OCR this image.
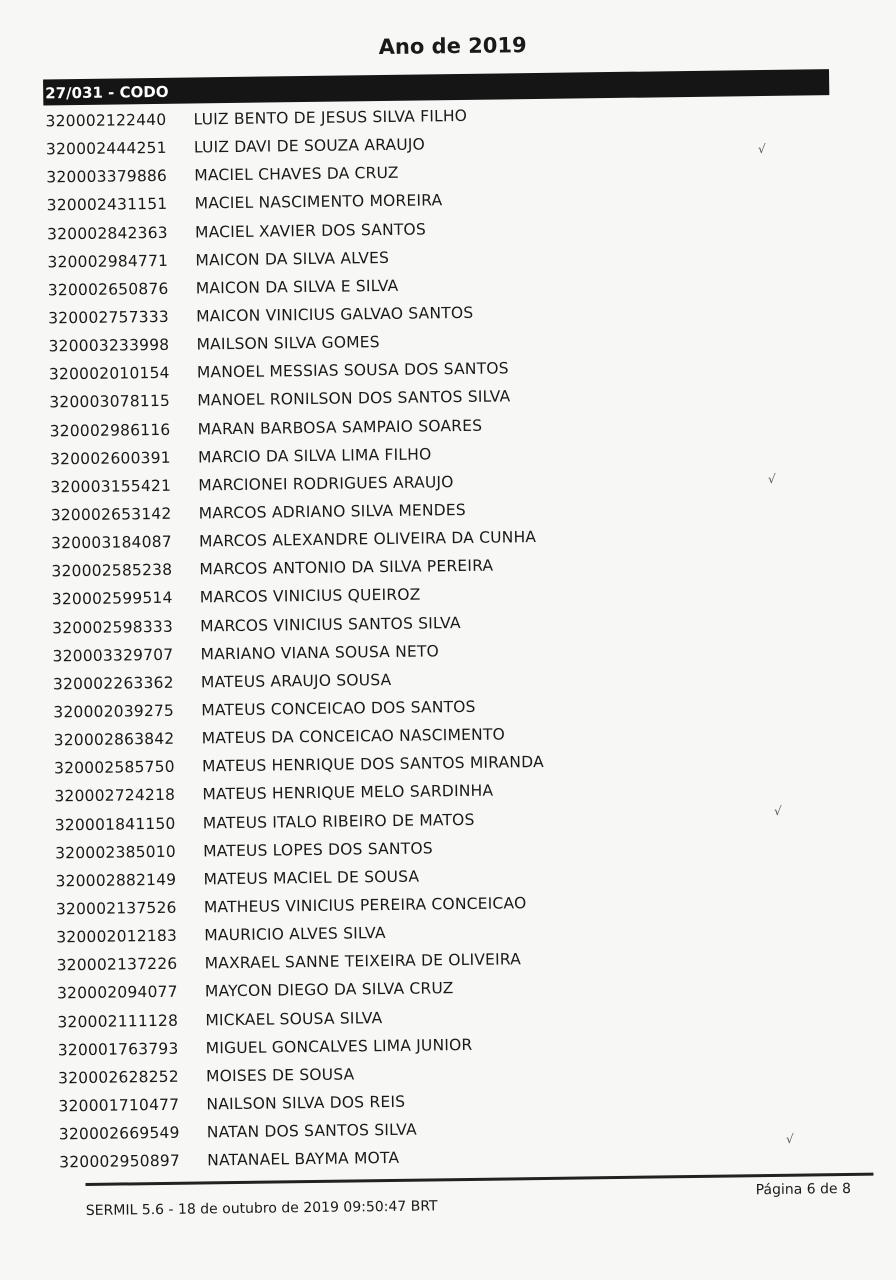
Ano de 2019
27/031 - CODO
320002122440	LUIZ BENTO DE JESUS SILVA FILHO
320002444251	LUIZ DAVI DE SOUZA ARAUJO
320003379886	MACIEL CHAVES DA CRUZ
320002431151	MACIEL NASCIMENTO MOREIRA
320002842363	MACIEL XAVIER DOS SANTOS
320002984771	MAICON DA SILVA ALVES
320002650876	MAICON DA SILVA E SILVA
320002757333	MAICON VINICIUS GALVAO SANTOS
320003233998	MAILSON SILVA GOMES
320002010154	MANOEL MESSIAS SOUSA DOS SANTOS
320003078115	MANOEL RONILSON DOS SANTOS SILVA
320002986116	MARAN BARBOSA SAMPAIO SOARES
320002600391	MARCIO DA SILVA LIMA FILHO
320003155421	MARCIONEI RODRIGUES ARAUJO
320002653142	MARCOS ADRIANO SILVA MENDES
320003184087	MARCOS ALEXANDRE OLIVEIRA DA CUNHA
320002585238	MARCOS ANTONIO DA SILVA PEREIRA
320002599514	MARCOS VINICIUS QUEIROZ
320002598333	MARCOS VINICIUS SANTOS SILVA
320003329707	MARIANO VIANA SOUSA NETO
320002263362	MATEUS ARAUJO SOUSA
320002039275	MATEUS CONCEICAO DOS SANTOS
320002863842	MATEUS DA CONCEICAO NASCIMENTO
320002585750	MATEUS HENRIQUE DOS SANTOS MIRANDA
320002724218	MATEUS HENRIQUE MELO SARDINHA
320001841150	MATEUS ITALO RIBEIRO DE MATOS
320002385010	MATEUS LOPES DOS SANTOS
320002882149	MATEUS MACIEL DE SOUSA
320002137526	MATHEUS VINICIUS PEREIRA CONCEICAO
320002012183	MAURICIO ALVES SILVA
320002137226	MAXRAEL SANNE TEIXEIRA DE OLIVEIRA
320002094077	MAYCON DIEGO DA SILVA CRUZ
320002111128	MICKAEL SOUSA SILVA
320001763793	MIGUEL GONCALVES LIMA JUNIOR
320002628252	MOISES DE SOUSA
320001710477	NAILSON SILVA DOS REIS
320002669549	NATAN DOS SANTOS SILVA
320002950897	NATANAEL BAYMA MOTA
SERMIL 5.6 - 18 de outubro de 2019 09:50:47 BRT
Página 6 de 8
√
√
√
√
